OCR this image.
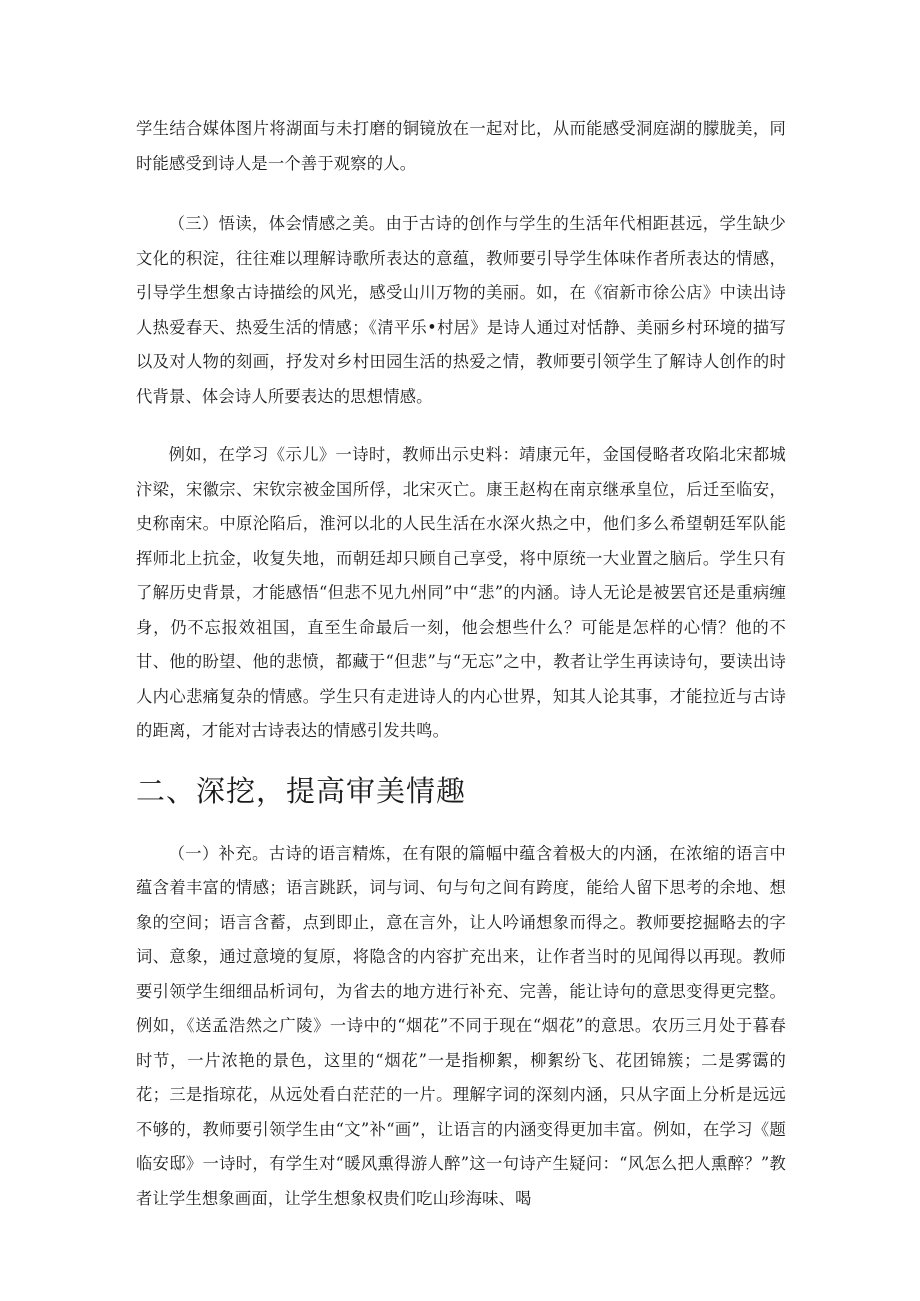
学生结合媒体图片将湖面与未打磨的铜镜放在一起对比，从而能感受洞庭湖的朦胧美，同时能感受到诗人是一个善于观察的人。

（三）悟读，体会情感之美。由于古诗的创作与学生的生活年代相距甚远，学生缺少文化的积淀，往往难以理解诗歌所表达的意蕴，教师要引导学生体味作者所表达的情感，引导学生想象古诗描绘的风光，感受山川万物的美丽。如，在《宿新市徐公店》中读出诗人热爱春天、热爱生活的情感；《清平乐•村居》是诗人通过对恬静、美丽乡村环境的描写以及对人物的刻画，抒发对乡村田园生活的热爱之情，教师要引领学生了解诗人创作的时代背景、体会诗人所要表达的思想情感。

例如，在学习《示儿》一诗时，教师出示史料：靖康元年，金国侵略者攻陷北宋都城汴梁，宋徽宗、宋钦宗被金国所俘，北宋灭亡。康王赵构在南京继承皇位，后迁至临安，史称南宋。中原沦陷后，淮河以北的人民生活在水深火热之中，他们多么希望朝廷军队能挥师北上抗金，收复失地，而朝廷却只顾自己享受，将中原统一大业置之脑后。学生只有了解历史背景，才能感悟“但悲不见九州同”中“悲”的内涵。诗人无论是被罢官还是重病缠身，仍不忘报效祖国，直至生命最后一刻，他会想些什么？可能是怎样的心情？他的不甘、他的盼望、他的悲愤，都藏于“但悲”与“无忘”之中，教者让学生再读诗句，要读出诗人内心悲痛复杂的情感。学生只有走进诗人的内心世界，知其人论其事，才能拉近与古诗的距离，才能对古诗表达的情感引发共鸣。

二、深挖，提高审美情趣

（一）补充。古诗的语言精炼，在有限的篇幅中蕴含着极大的内涵，在浓缩的语言中蕴含着丰富的情感；语言跳跃，词与词、句与句之间有跨度，能给人留下思考的余地、想象的空间；语言含蓄，点到即止，意在言外，让人吟诵想象而得之。教师要挖掘略去的字词、意象，通过意境的复原，将隐含的内容扩充出来，让作者当时的见闻得以再现。教师要引领学生细细品析词句，为省去的地方进行补充、完善，能让诗句的意思变得更完整。例如，《送孟浩然之广陵》一诗中的“烟花”不同于现在“烟花”的意思。农历三月处于暮春时节，一片浓艳的景色，这里的“烟花”一是指柳絮，柳絮纷飞、花团锦簇；二是雾霭的花；三是指琼花，从远处看白茫茫的一片。理解字词的深刻内涵，只从字面上分析是远远不够的，教师要引领学生由“文”补“画”，让语言的内涵变得更加丰富。例如，在学习《题临安邸》一诗时，有学生对“暖风熏得游人醉”这一句诗产生疑问：“风怎么把人熏醉？”教者让学生想象画面，让学生想象权贵们吃山珍海味、喝
